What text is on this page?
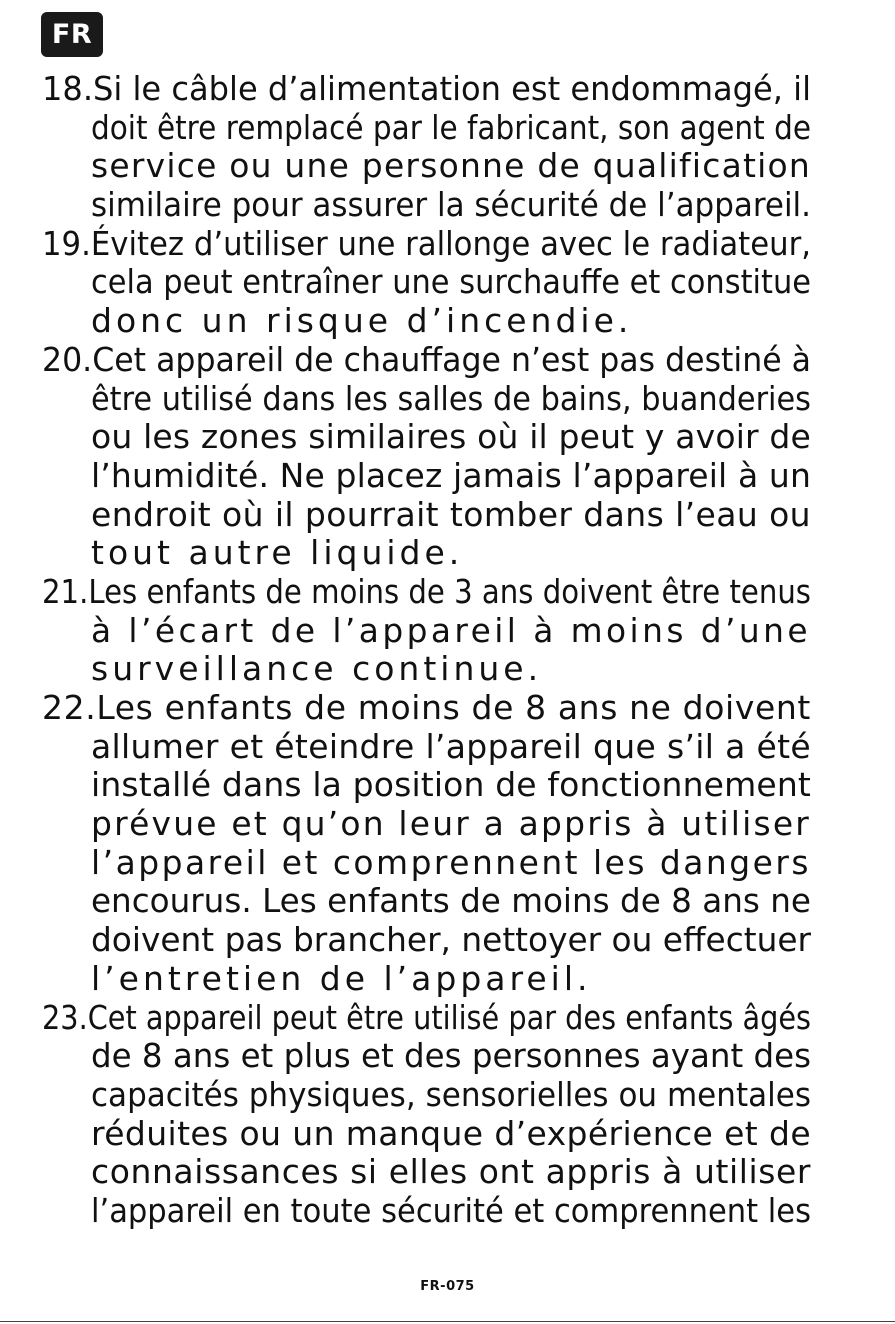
FR
18.Si le câble d’alimentation est endommagé, il
doit être remplacé par le fabricant, son agent de
service ou une personne de qualification
similaire pour assurer la sécurité de l’appareil.
19.Évitez d’utiliser une rallonge avec le radiateur,
cela peut entraîner une surchauffe et constitue
donc un risque d’incendie.
20.Cet appareil de chauffage n’est pas destiné à
être utilisé dans les salles de bains, buanderies
ou les zones similaires où il peut y avoir de
l’humidité. Ne placez jamais l’appareil à un
endroit où il pourrait tomber dans l’eau ou
tout autre liquide.
21.Les enfants de moins de 3 ans doivent être tenus
à l’écart de l’appareil à moins d’une
surveillance continue.
22.Les enfants de moins de 8 ans ne doivent
allumer et éteindre l’appareil que s’il a été
installé dans la position de fonctionnement
prévue et qu’on leur a appris à utiliser
l’appareil et comprennent les dangers
encourus. Les enfants de moins de 8 ans ne
doivent pas brancher, nettoyer ou effectuer
l’entretien de l’appareil.
23.Cet appareil peut être utilisé par des enfants âgés
de 8 ans et plus et des personnes ayant des
capacités physiques, sensorielles ou mentales
réduites ou un manque d’expérience et de
connaissances si elles ont appris à utiliser
l’appareil en toute sécurité et comprennent les
FR-075
